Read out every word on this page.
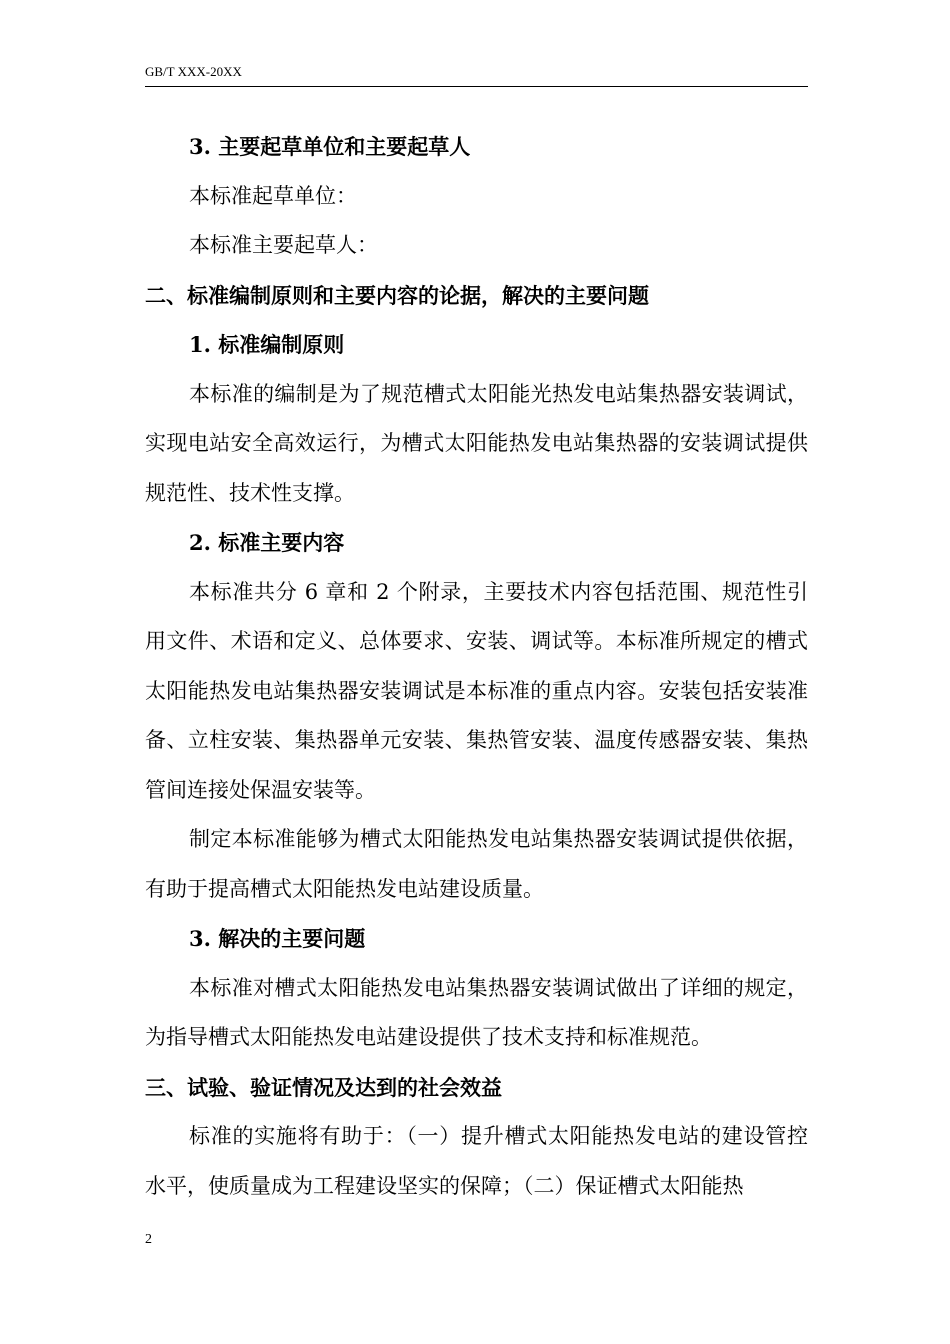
GB/T XXX-20XX

3. 主要起草单位和主要起草人

本标准起草单位：

本标准主要起草人：

二、标准编制原则和主要内容的论据，解决的主要问题

1. 标准编制原则

本标准的编制是为了规范槽式太阳能光热发电站集热器安装调试，实现电站安全高效运行，为槽式太阳能热发电站集热器的安装调试提供规范性、技术性支撑。

2. 标准主要内容

本标准共分 6 章和 2 个附录，主要技术内容包括范围、规范性引用文件、术语和定义、总体要求、安装、调试等。本标准所规定的槽式太阳能热发电站集热器安装调试是本标准的重点内容。安装包括安装准备、立柱安装、集热器单元安装、集热管安装、温度传感器安装、集热管间连接处保温安装等。

制定本标准能够为槽式太阳能热发电站集热器安装调试提供依据，有助于提高槽式太阳能热发电站建设质量。

3. 解决的主要问题

本标准对槽式太阳能热发电站集热器安装调试做出了详细的规定，为指导槽式太阳能热发电站建设提供了技术支持和标准规范。

三、试验、验证情况及达到的社会效益

标准的实施将有助于：（一）提升槽式太阳能热发电站的建设管控水平，使质量成为工程建设坚实的保障；（二）保证槽式太阳能热

2
